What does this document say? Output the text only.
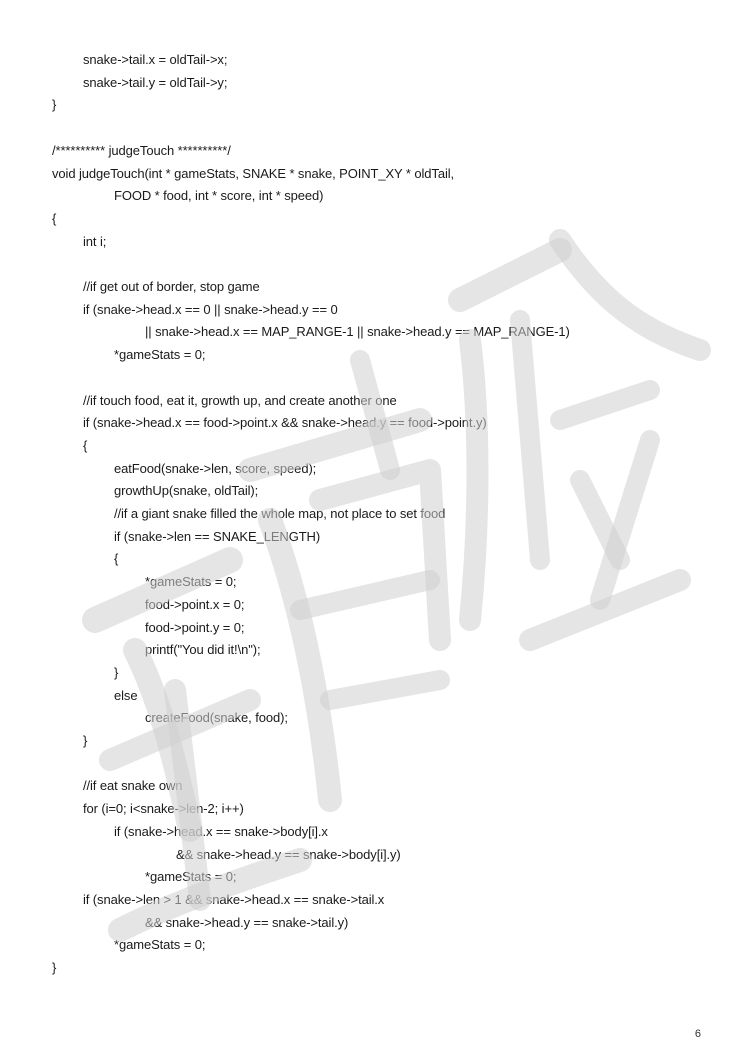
snake->tail.x = oldTail->x;
snake->tail.y = oldTail->y;
}
/********** judgeTouch **********/
void judgeTouch(int * gameStats, SNAKE * snake, POINT_XY * oldTail,
FOOD * food, int * score, int * speed)
{
int i;
//if get out of border, stop game
if (snake->head.x == 0 || snake->head.y == 0
|| snake->head.x == MAP_RANGE-1 || snake->head.y == MAP_RANGE-1)
*gameStats = 0;
//if touch food, eat it, growth up, and create another one
if (snake->head.x == food->point.x && snake->head.y == food->point.y)
{
eatFood(snake->len, score, speed);
growthUp(snake, oldTail);
//if a giant snake filled the whole map, not place to set food
if (snake->len == SNAKE_LENGTH)
{
*gameStats = 0;
food->point.x = 0;
food->point.y = 0;
printf("You did it!\n");
}
else
createFood(snake, food);
}
//if eat snake own
for (i=0; i<snake->len-2; i++)
if (snake->head.x == snake->body[i].x
&& snake->head.y == snake->body[i].y)
*gameStats = 0;
if (snake->len > 1 && snake->head.x == snake->tail.x
&& snake->head.y == snake->tail.y)
*gameStats = 0;
}
6
